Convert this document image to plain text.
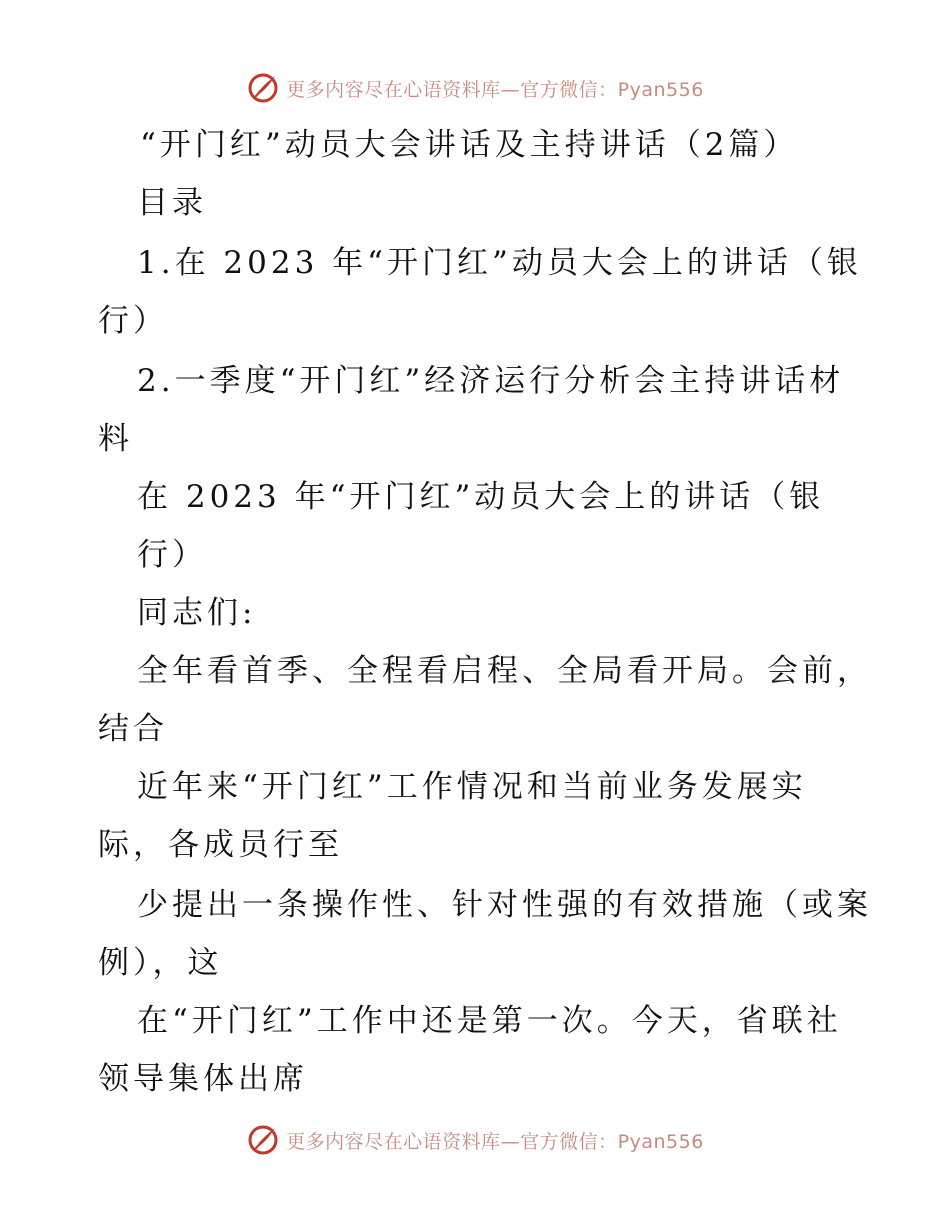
更多内容尽在心语资料库—官方微信：Pyan556
“开门红”动员大会讲话及主持讲话（2篇）
目录
1.在 2023 年“开门红”动员大会上的讲话（银
行）
2.一季度“开门红”经济运行分析会主持讲话材
料
在 2023 年“开门红”动员大会上的讲话（银
行）
同志们:
全年看首季、全程看启程、全局看开局。会前，
结合
近年来“开门红”工作情况和当前业务发展实
际，各成员行至
少提出一条操作性、针对性强的有效措施（或案
例），这
在“开门红”工作中还是第一次。今天，省联社
领导集体出席
更多内容尽在心语资料库—官方微信：Pyan556
